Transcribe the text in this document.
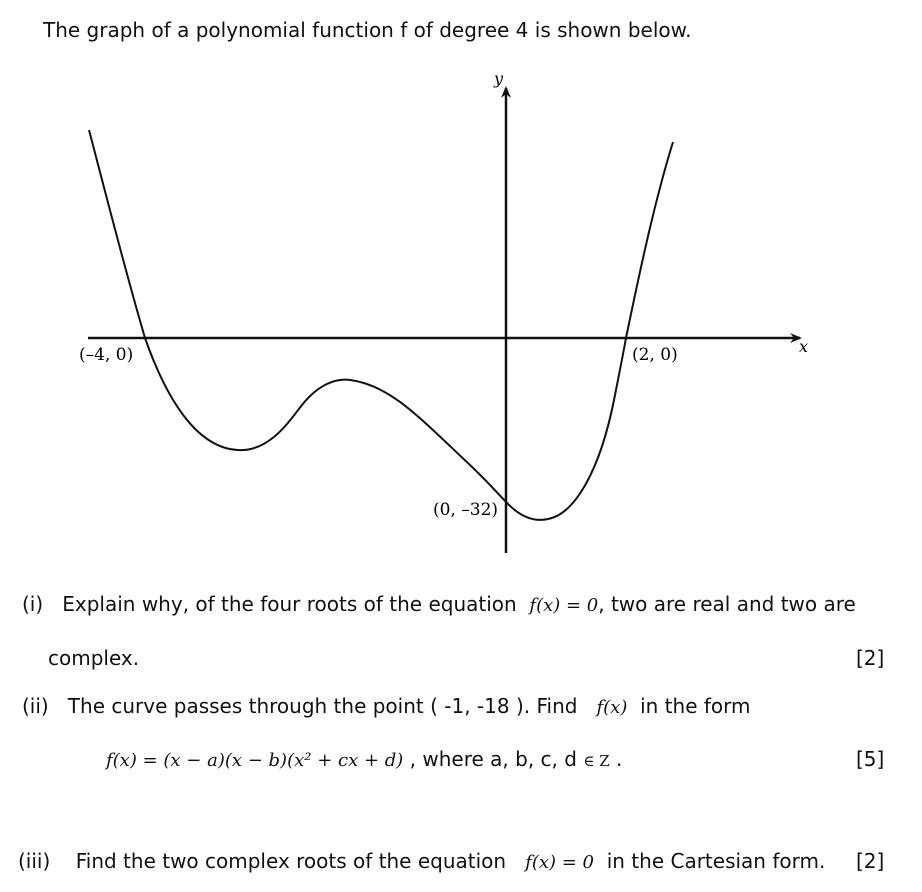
The graph of a polynomial function f of degree 4 is shown below.
y
x
(–4, 0)	(2, 0)
(0, –32)
(i) Explain why, of the four roots of the equation f(x) = 0, two are real and two are
complex.	[2]
(ii) The curve passes through the point ( -1, -18 ). Find f(x) in the form
f(x) = (x − a)(x − b)(x² + cx + d) , where a, b, c, d ∈ Z .	[5]
(iii) Find the two complex roots of the equation f(x) = 0 in the Cartesian form. [2]
